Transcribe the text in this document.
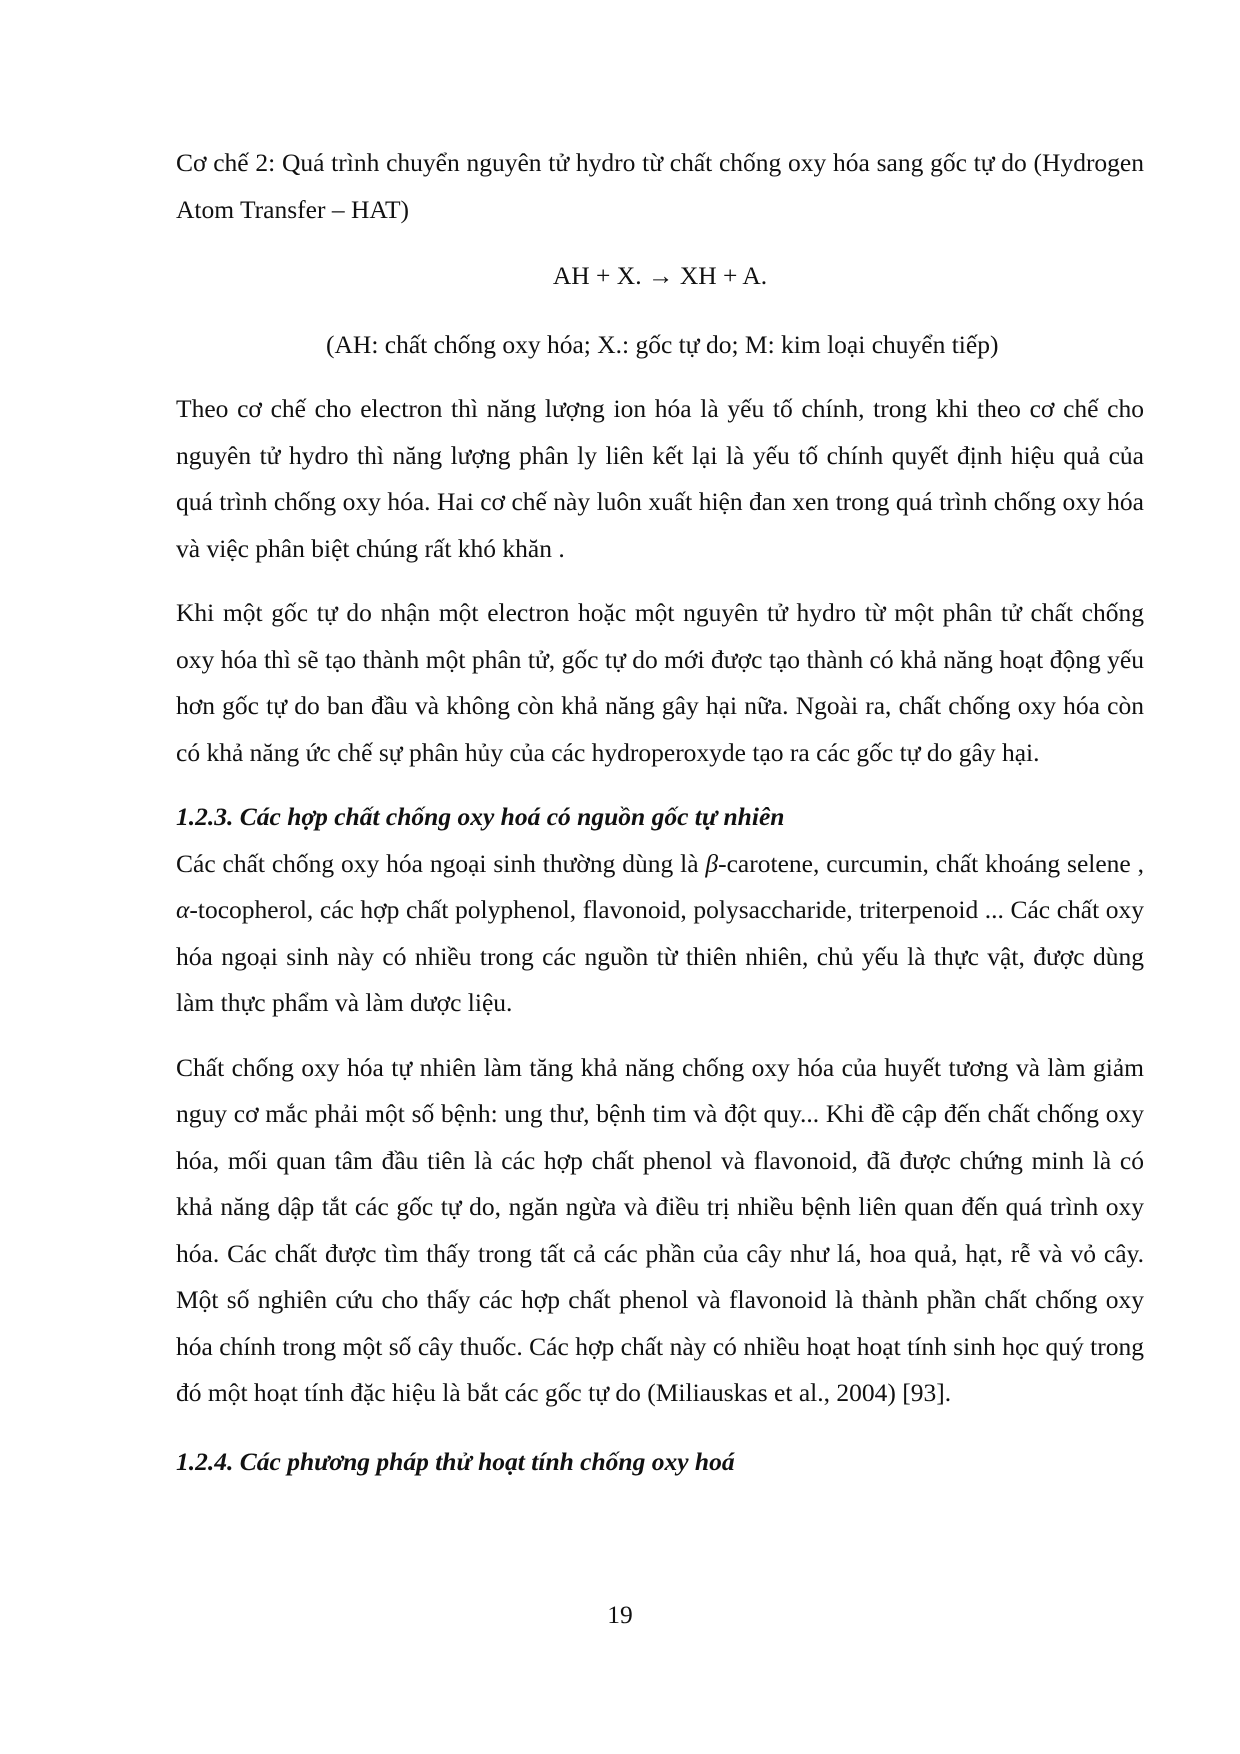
Cơ chế 2: Quá trình chuyển nguyên tử hydro từ chất chống oxy hóa sang gốc tự do (Hydrogen Atom Transfer – HAT)

AH + X. → XH + A.

(AH: chất chống oxy hóa; X.: gốc tự do; M: kim loại chuyển tiếp)

Theo cơ chế cho electron thì năng lượng ion hóa là yếu tố chính, trong khi theo cơ chế cho nguyên tử hydro thì năng lượng phân ly liên kết lại là yếu tố chính quyết định hiệu quả của quá trình chống oxy hóa. Hai cơ chế này luôn xuất hiện đan xen trong quá trình chống oxy hóa và việc phân biệt chúng rất khó khăn .

Khi một gốc tự do nhận một electron hoặc một nguyên tử hydro từ một phân tử chất chống oxy hóa thì sẽ tạo thành một phân tử, gốc tự do mới được tạo thành có khả năng hoạt động yếu hơn gốc tự do ban đầu và không còn khả năng gây hại nữa. Ngoài ra, chất chống oxy hóa còn có khả năng ức chế sự phân hủy của các hydroperoxyde tạo ra các gốc tự do gây hại.

1.2.3. Các hợp chất chống oxy hoá có nguồn gốc tự nhiên

Các chất chống oxy hóa ngoại sinh thường dùng là β-carotene, curcumin, chất khoáng selene , α-tocopherol, các hợp chất polyphenol, flavonoid, polysaccharide, triterpenoid ... Các chất oxy hóa ngoại sinh này có nhiều trong các nguồn từ thiên nhiên, chủ yếu là thực vật, được dùng làm thực phẩm và làm dược liệu.

Chất chống oxy hóa tự nhiên làm tăng khả năng chống oxy hóa của huyết tương và làm giảm nguy cơ mắc phải một số bệnh: ung thư, bệnh tim và đột quy... Khi đề cập đến chất chống oxy hóa, mối quan tâm đầu tiên là các hợp chất phenol và flavonoid, đã được chứng minh là có khả năng dập tắt các gốc tự do, ngăn ngừa và điều trị nhiều bệnh liên quan đến quá trình oxy hóa. Các chất được tìm thấy trong tất cả các phần của cây như lá, hoa quả, hạt, rễ và vỏ cây. Một số nghiên cứu cho thấy các hợp chất phenol và flavonoid là thành phần chất chống oxy hóa chính trong một số cây thuốc. Các hợp chất này có nhiều hoạt hoạt tính sinh học quý trong đó một hoạt tính đặc hiệu là bắt các gốc tự do (Miliauskas et al., 2004) [93].

1.2.4. Các phương pháp thử hoạt tính chống oxy hoá
19
